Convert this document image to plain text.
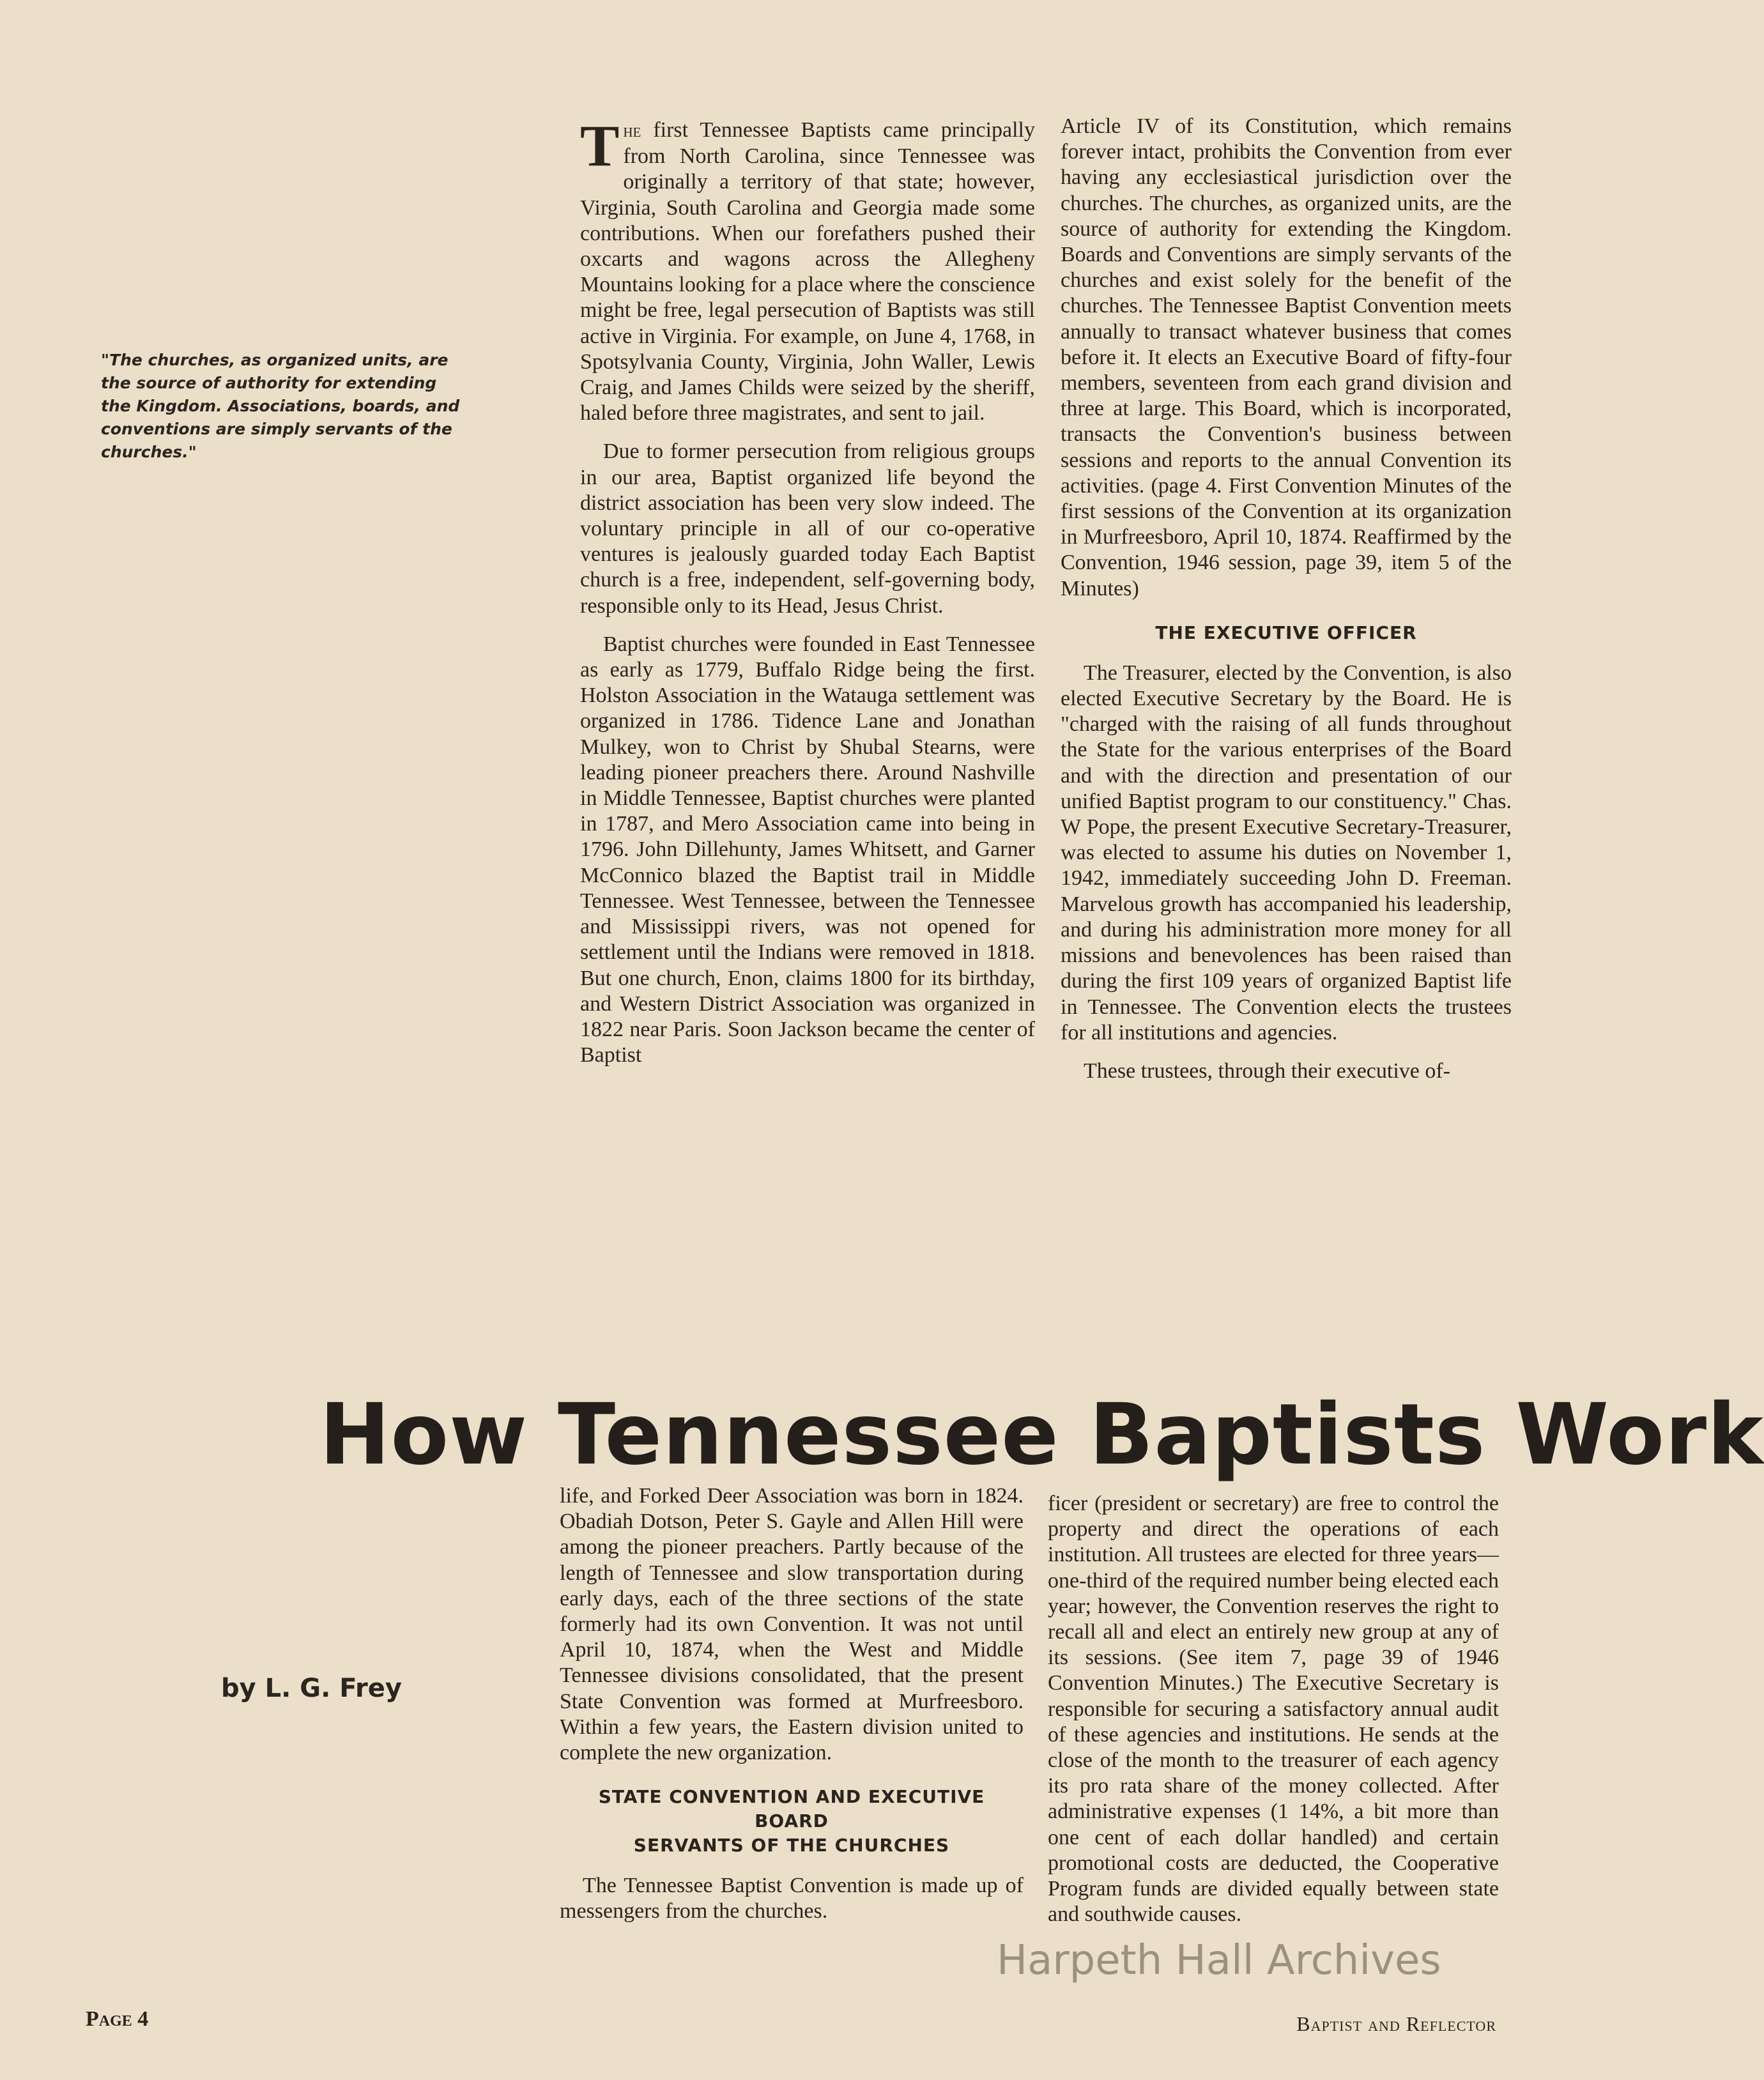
"The churches, as organized units, are the source of authority for extending the Kingdom. Associations, boards, and conventions are simply servants of the churches."

The first Tennessee Baptists came principally from North Carolina, since Tennessee was originally a territory of that state; however, Virginia, South Carolina and Georgia made some contributions. When our forefathers pushed their oxcarts and wagons across the Allegheny Mountains looking for a place where the conscience might be free, legal persecution of Baptists was still active in Virginia. For example, on June 4, 1768, in Spotsylvania County, Virginia, John Waller, Lewis Craig, and James Childs were seized by the sheriff, haled before three magistrates, and sent to jail.

Due to former persecution from religious groups in our area, Baptist organized life beyond the district association has been very slow indeed. The voluntary principle in all of our co-operative ventures is jealously guarded today Each Baptist church is a free, independent, self-governing body, responsible only to its Head, Jesus Christ.

Baptist churches were founded in East Tennessee as early as 1779, Buffalo Ridge being the first. Holston Association in the Watauga settlement was organized in 1786. Tidence Lane and Jonathan Mulkey, won to Christ by Shubal Stearns, were leading pioneer preachers there. Around Nashville in Middle Tennessee, Baptist churches were planted in 1787, and Mero Association came into being in 1796. John Dillehunty, James Whitsett, and Garner McConnico blazed the Baptist trail in Middle Tennessee. West Tennessee, between the Tennessee and Mississippi rivers, was not opened for settlement until the Indians were removed in 1818. But one church, Enon, claims 1800 for its birthday, and Western District Association was organized in 1822 near Paris. Soon Jackson became the center of Baptist

Article IV of its Constitution, which remains forever intact, prohibits the Convention from ever having any ecclesiastical jurisdiction over the churches. The churches, as organized units, are the source of authority for extending the Kingdom. Boards and Conventions are simply servants of the churches and exist solely for the benefit of the churches. The Tennessee Baptist Convention meets annually to transact whatever business that comes before it. It elects an Executive Board of fifty-four members, seventeen from each grand division and three at large. This Board, which is incorporated, transacts the Convention's business between sessions and reports to the annual Convention its activities. (page 4. First Convention Minutes of the first sessions of the Convention at its organization in Murfreesboro, April 10, 1874. Reaffirmed by the Convention, 1946 session, page 39, item 5 of the Minutes)

THE EXECUTIVE OFFICER

The Treasurer, elected by the Convention, is also elected Executive Secretary by the Board. He is "charged with the raising of all funds throughout the State for the various enterprises of the Board and with the direction and presentation of our unified Baptist program to our constituency." Chas. W Pope, the present Executive Secretary-Treasurer, was elected to assume his duties on November 1, 1942, immediately succeeding John D. Freeman. Marvelous growth has accompanied his leadership, and during his administration more money for all missions and benevolences has been raised than during the first 109 years of organized Baptist life in Tennessee. The Convention elects the trustees for all institutions and agencies.

These trustees, through their executive of-

How Tennessee Baptists Work
by L. G. Frey

life, and Forked Deer Association was born in 1824. Obadiah Dotson, Peter S. Gayle and Allen Hill were among the pioneer preachers. Partly because of the length of Tennessee and slow transportation during early days, each of the three sections of the state formerly had its own Convention. It was not until April 10, 1874, when the West and Middle Tennessee divisions consolidated, that the present State Convention was formed at Murfreesboro. Within a few years, the Eastern division united to complete the new organization.

STATE CONVENTION AND EXECUTIVE
BOARD
SERVANTS OF THE CHURCHES

The Tennessee Baptist Convention is made up of messengers from the churches.

ficer (president or secretary) are free to control the property and direct the operations of each institution. All trustees are elected for three years—one-third of the required number being elected each year; however, the Convention reserves the right to recall all and elect an entirely new group at any of its sessions. (See item 7, page 39 of 1946 Convention Minutes.) The Executive Secretary is responsible for securing a satisfactory annual audit of these agencies and institutions. He sends at the close of the month to the treasurer of each agency its pro rata share of the money collected. After administrative expenses (1 14%, a bit more than one cent of each dollar handled) and certain promotional costs are deducted, the Cooperative Program funds are divided equally between state and southwide causes.

Harpeth Hall Archives
Page 4	Baptist and Reflector
